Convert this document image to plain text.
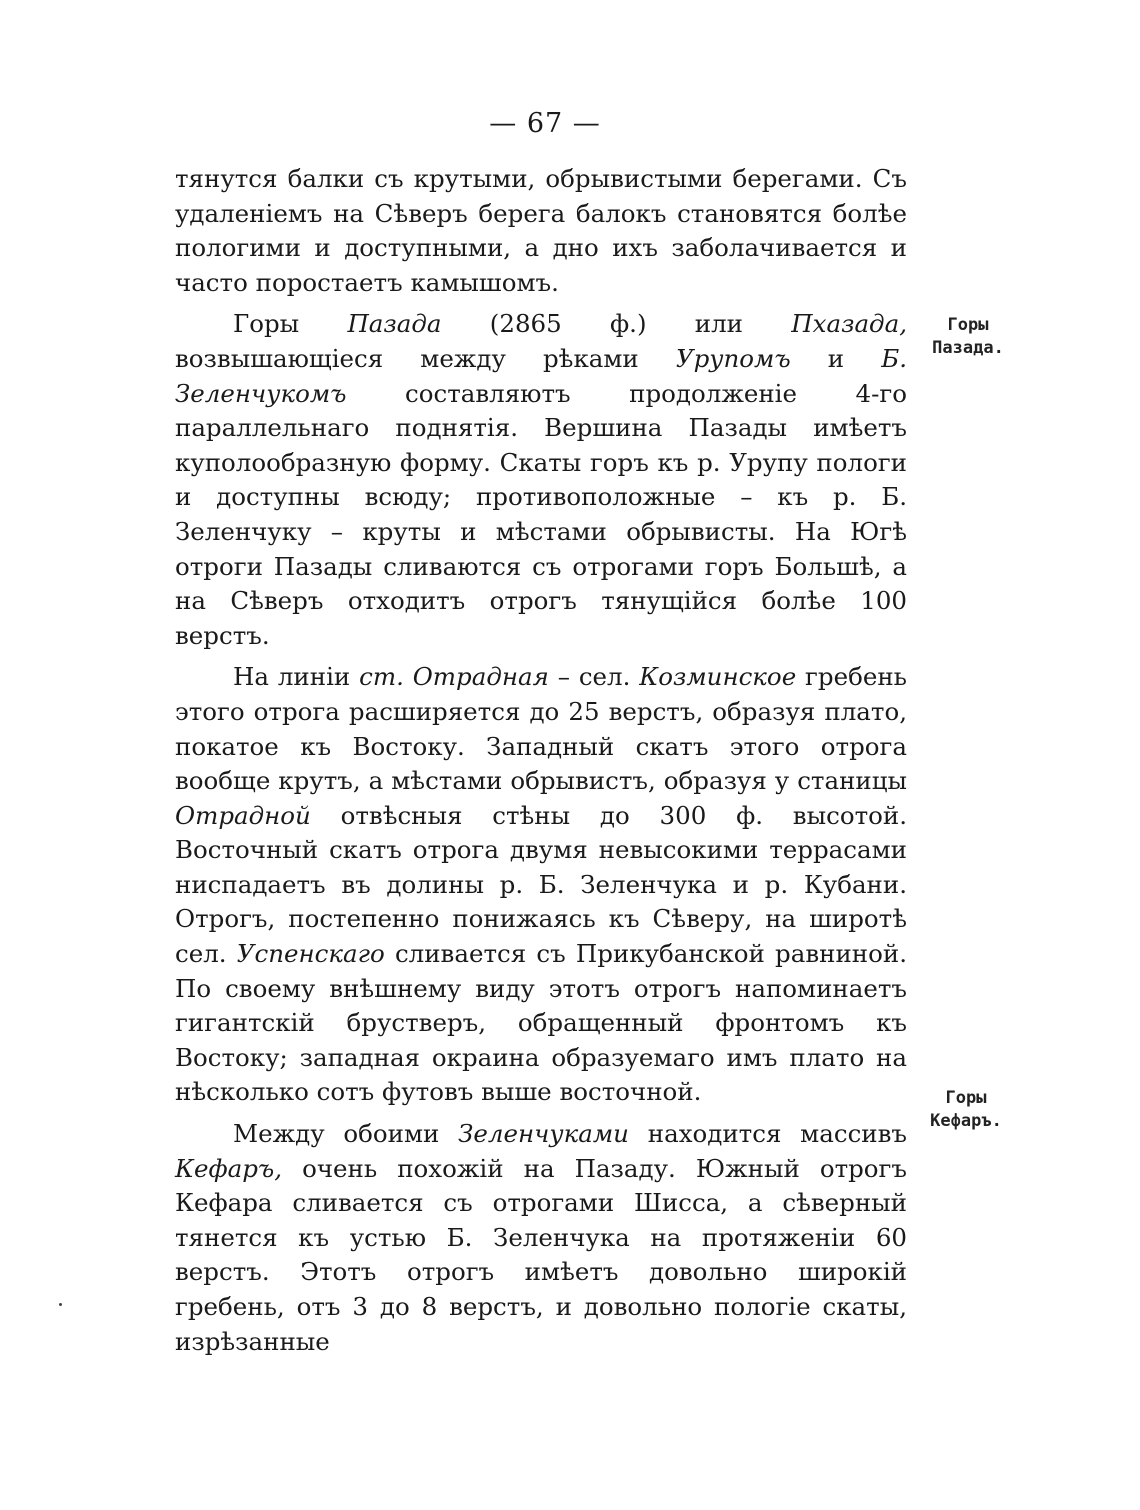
— 67 —

тянутся балки съ крутыми, обрывистыми берегами. Съ удаленіемъ на Сѣверъ берега балокъ становятся болѣе пологими и доступными, а дно ихъ заболачивается и часто поростаетъ камышомъ.

Горы Пазада (2865 ф.) или Пхазада, возвышающіеся между рѣками Урупомъ и Б. Зеленчукомъ составляютъ продолженіе 4-го параллельнаго поднятія. Вершина Пазады имѣетъ куполообразную форму. Скаты горъ къ р. Урупу пологи и доступны всюду; противоположные – къ р. Б. Зеленчуку – круты и мѣстами обрывисты. На Югѣ отроги Пазады сливаются съ отрогами горъ Большѣ, а на Сѣверъ отходитъ отрогъ тянущійся болѣе 100 верстъ.

На линіи ст. Отрадная – сел. Козминское гребень этого отрога расширяется до 25 верстъ, образуя плато, покатое къ Востоку. Западный скатъ этого отрога вообще крутъ, а мѣстами обрывистъ, образуя у станицы Отрадной отвѣсныя стѣны до 300 ф. высотой. Восточный скатъ отрога двумя невысокими террасами ниспадаетъ въ долины р. Б. Зеленчука и р. Кубани. Отрогъ, постепенно понижаясь къ Сѣверу, на широтѣ сел. Успенскаго сливается съ Прикубанской равниной. По своему внѣшнему виду этотъ отрогъ напоминаетъ гигантскій брустверъ, обращенный фронтомъ къ Востоку; западная окраина образуемаго имъ плато на нѣсколько сотъ футовъ выше восточной.

Между обоими Зеленчуками находится массивъ Кефаръ, очень похожій на Пазаду. Южный отрогъ Кефара сливается съ отрогами Шисса, а сѣверный тянется къ устью Б. Зеленчука на протяженіи 60 верстъ. Этотъ отрогъ имѣетъ довольно широкій гребень, отъ 3 до 8 верстъ, и довольно пологіе скаты, изрѣзанные

Горы Пазада.
Горы Кефаръ.
